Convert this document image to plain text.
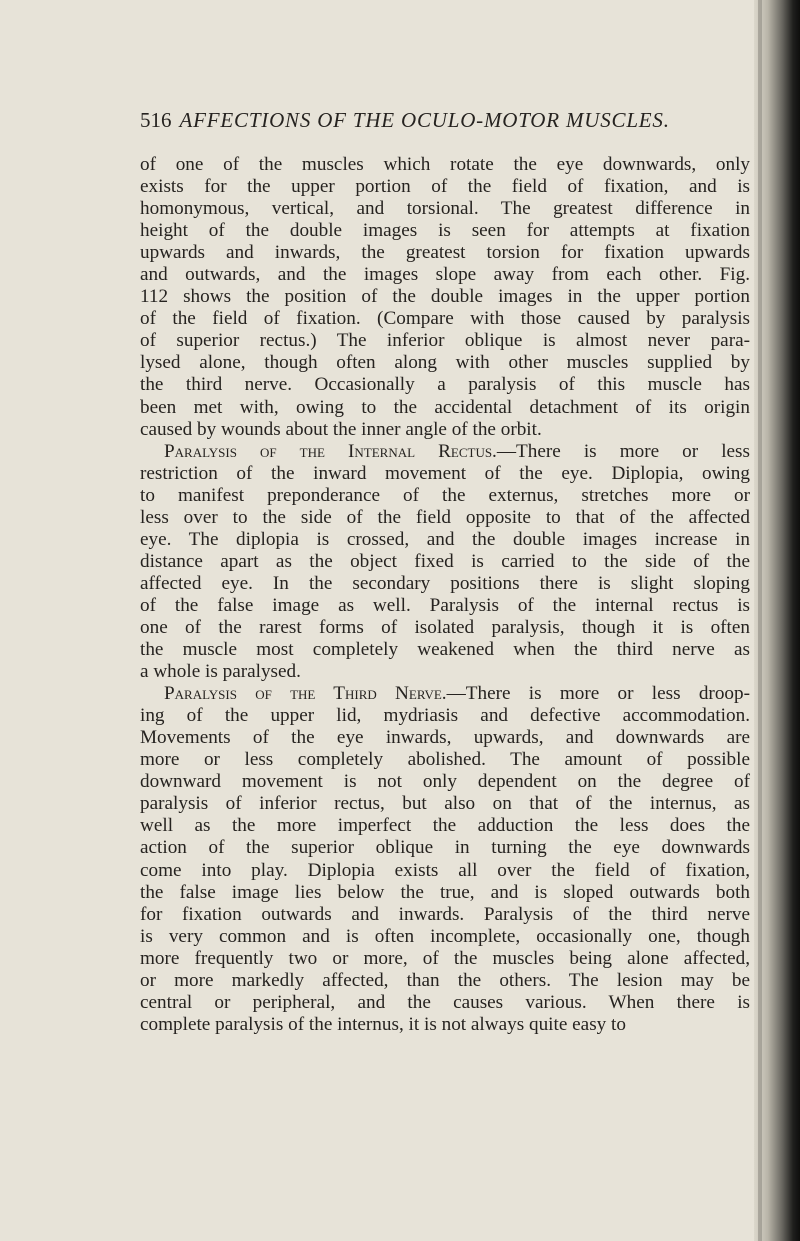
516 AFFECTIONS OF THE OCULO-MOTOR MUSCLES.
of one of the muscles which rotate the eye downwards, only
exists for the upper portion of the field of fixation, and is
homonymous, vertical, and torsional. The greatest difference in
height of the double images is seen for attempts at fixation
upwards and inwards, the greatest torsion for fixation upwards
and outwards, and the images slope away from each other. Fig.
112 shows the position of the double images in the upper portion
of the field of fixation. (Compare with those caused by paralysis
of superior rectus.) The inferior oblique is almost never para-
lysed alone, though often along with other muscles supplied by
the third nerve. Occasionally a paralysis of this muscle has
been met with, owing to the accidental detachment of its origin
caused by wounds about the inner angle of the orbit.
Paralysis of the Internal Rectus.—There is more or less
restriction of the inward movement of the eye. Diplopia, owing
to manifest preponderance of the externus, stretches more or
less over to the side of the field opposite to that of the affected
eye. The diplopia is crossed, and the double images increase in
distance apart as the object fixed is carried to the side of the
affected eye. In the secondary positions there is slight sloping
of the false image as well. Paralysis of the internal rectus is
one of the rarest forms of isolated paralysis, though it is often
the muscle most completely weakened when the third nerve as
a whole is paralysed.
Paralysis of the Third Nerve.—There is more or less droop-
ing of the upper lid, mydriasis and defective accommodation.
Movements of the eye inwards, upwards, and downwards are
more or less completely abolished. The amount of possible
downward movement is not only dependent on the degree of
paralysis of inferior rectus, but also on that of the internus, as
well as the more imperfect the adduction the less does the
action of the superior oblique in turning the eye downwards
come into play. Diplopia exists all over the field of fixation,
the false image lies below the true, and is sloped outwards both
for fixation outwards and inwards. Paralysis of the third nerve
is very common and is often incomplete, occasionally one, though
more frequently two or more, of the muscles being alone affected,
or more markedly affected, than the others. The lesion may be
central or peripheral, and the causes various. When there is
complete paralysis of the internus, it is not always quite easy to
